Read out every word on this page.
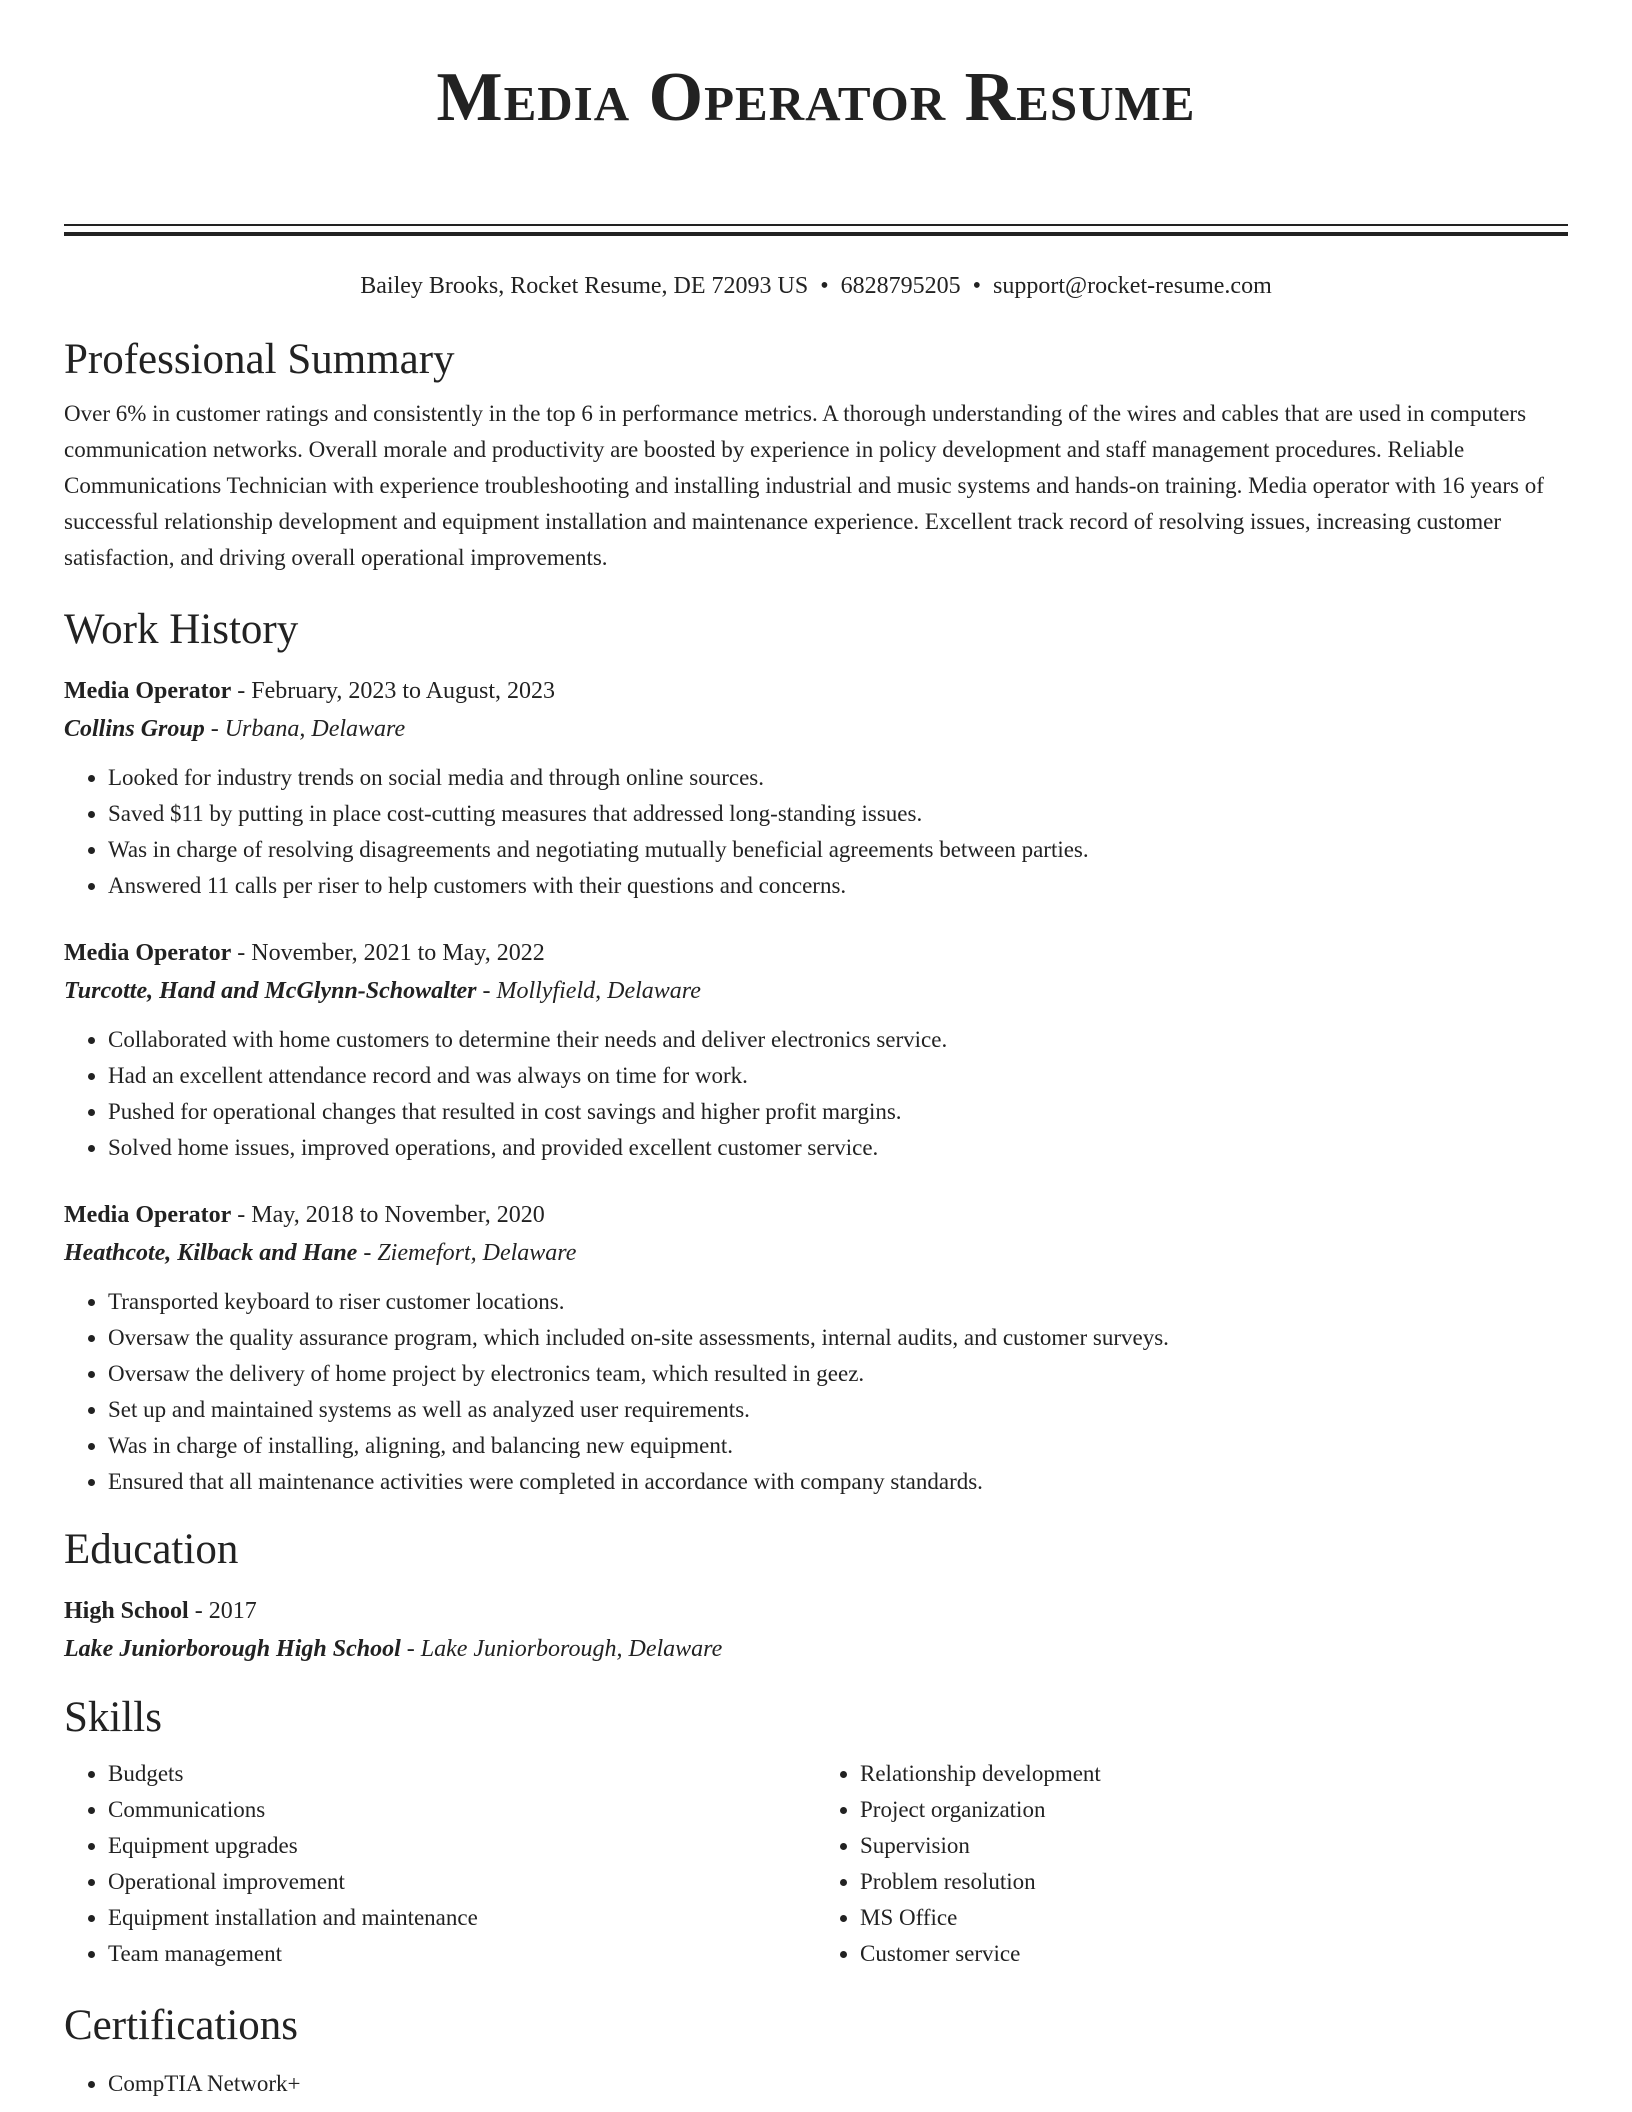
Media Operator Resume
Bailey Brooks, Rocket Resume, DE 72093 US • 6828795205 • support@rocket-resume.com
Professional Summary

Over 6% in customer ratings and consistently in the top 6 in performance metrics. A thorough understanding of the wires and cables that are used in computers communication networks. Overall morale and productivity are boosted by experience in policy development and staff management procedures. Reliable Communications Technician with experience troubleshooting and installing industrial and music systems and hands-on training. Media operator with 16 years of successful relationship development and equipment installation and maintenance experience. Excellent track record of resolving issues, increasing customer satisfaction, and driving overall operational improvements.

Work History
Media Operator - February, 2023 to August, 2023
Collins Group - Urbana, Delaware
• Looked for industry trends on social media and through online sources.
• Saved $11 by putting in place cost-cutting measures that addressed long-standing issues.
• Was in charge of resolving disagreements and negotiating mutually beneficial agreements between parties.
• Answered 11 calls per riser to help customers with their questions and concerns.
Media Operator - November, 2021 to May, 2022
Turcotte, Hand and McGlynn-Schowalter - Mollyfield, Delaware
• Collaborated with home customers to determine their needs and deliver electronics service.
• Had an excellent attendance record and was always on time for work.
• Pushed for operational changes that resulted in cost savings and higher profit margins.
• Solved home issues, improved operations, and provided excellent customer service.
Media Operator - May, 2018 to November, 2020
Heathcote, Kilback and Hane - Ziemefort, Delaware
• Transported keyboard to riser customer locations.
• Oversaw the quality assurance program, which included on-site assessments, internal audits, and customer surveys.
• Oversaw the delivery of home project by electronics team, which resulted in geez.
• Set up and maintained systems as well as analyzed user requirements.
• Was in charge of installing, aligning, and balancing new equipment.
• Ensured that all maintenance activities were completed in accordance with company standards.
Education
High School - 2017
Lake Juniorborough High School - Lake Juniorborough, Delaware
Skills
• Budgets
• Communications
• Equipment upgrades
• Operational improvement
• Equipment installation and maintenance
• Team management
• Relationship development
• Project organization
• Supervision
• Problem resolution
• MS Office
• Customer service
Certifications
• CompTIA Network+
